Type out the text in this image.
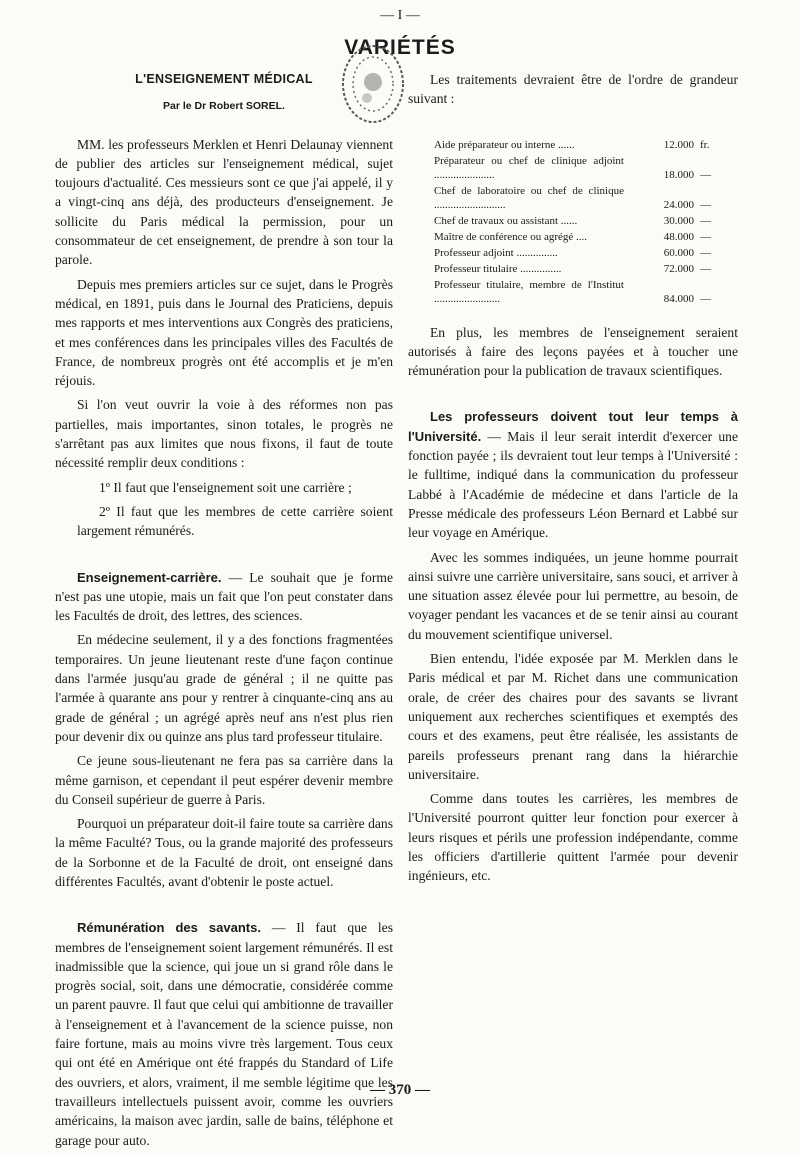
— I —
VARIÉTÉS
L'ENSEIGNEMENT MÉDICAL
Par le Dr Robert SOREL.

MM. les professeurs Merklen et Henri Delaunay viennent de publier des articles sur l'enseignement médical, sujet toujours d'actualité. Ces messieurs sont ce que j'ai appelé, il y a vingt-cinq ans déjà, des producteurs d'enseignement. Je sollicite du Paris médical la permission, pour un consommateur de cet enseignement, de prendre à son tour la parole.

Depuis mes premiers articles sur ce sujet, dans le Progrès médical, en 1891, puis dans le Journal des Praticiens, depuis mes rapports et mes interventions aux Congrès des praticiens, et mes conférences dans les principales villes des Facultés de France, de nombreux progrès ont été accomplis et je m'en réjouis.

Si l'on veut ouvrir la voie à des réformes non pas partielles, mais importantes, sinon totales, le progrès ne s'arrêtant pas aux limites que nous fixons, il faut de toute nécessité remplir deux conditions :

1º Il faut que l'enseignement soit une carrière ;

2º Il faut que les membres de cette carrière soient largement rémunérés.

Enseignement-carrière. — Le souhait que je forme n'est pas une utopie, mais un fait que l'on peut constater dans les Facultés de droit, des lettres, des sciences.

En médecine seulement, il y a des fonctions fragmentées temporaires. Un jeune lieutenant reste d'une façon continue dans l'armée jusqu'au grade de général ; il ne quitte pas l'armée à quarante ans pour y rentrer à cinquante-cinq ans au grade de général ; un agrégé après neuf ans n'est plus rien pour devenir dix ou quinze ans plus tard professeur titulaire.

Ce jeune sous-lieutenant ne fera pas sa carrière dans la même garnison, et cependant il peut espérer devenir membre du Conseil supérieur de guerre à Paris.

Pourquoi un préparateur doit-il faire toute sa carrière dans la même Faculté? Tous, ou la grande majorité des professeurs de la Sorbonne et de la Faculté de droit, ont enseigné dans différentes Facultés, avant d'obtenir le poste actuel.

Rémunération des savants. — Il faut que les membres de l'enseignement soient largement rémunérés. Il est inadmissible que la science, qui joue un si grand rôle dans le progrès social, soit, dans une démocratie, considérée comme un parent pauvre. Il faut que celui qui ambitionne de travailler à l'enseignement et à l'avancement de la science puisse, non faire fortune, mais au moins vivre très largement. Tous ceux qui ont été en Amérique ont été frappés du Standard of Life des ouvriers, et alors, vraiment, il me semble légitime que les travailleurs intellectuels puissent avoir, comme les ouvriers américains, la maison avec jardin, salle de bains, téléphone et garage pour auto.

Les traitements devraient être de l'ordre de grandeur suivant :

Aide préparateur ou interne ......	12.000	fr.
Préparateur ou chef de clinique adjoint ......................	18.000	—
Chef de laboratoire ou chef de clinique ..........................	24.000	—
Chef de travaux ou assistant ......	30.000	—
Maître de conférence ou agrégé ....	48.000	—
Professeur adjoint ...............	60.000	—
Professeur titulaire ...............	72.000	—
Professeur titulaire, membre de l'Institut ........................	84.000	—

En plus, les membres de l'enseignement seraient autorisés à faire des leçons payées et à toucher une rémunération pour la publication de travaux scientifiques.

Les professeurs doivent tout leur temps à l'Université. — Mais il leur serait interdit d'exercer une fonction payée ; ils devraient tout leur temps à l'Université : le fulltime, indiqué dans la communication du professeur Labbé à l'Académie de médecine et dans l'article de la Presse médicale des professeurs Léon Bernard et Labbé sur leur voyage en Amérique.

Avec les sommes indiquées, un jeune homme pourrait ainsi suivre une carrière universitaire, sans souci, et arriver à une situation assez élevée pour lui permettre, au besoin, de voyager pendant les vacances et de se tenir ainsi au courant du mouvement scientifique universel.

Bien entendu, l'idée exposée par M. Merklen dans le Paris médical et par M. Richet dans une communication orale, de créer des chaires pour des savants se livrant uniquement aux recherches scientifiques et exemptés des cours et des examens, peut être réalisée, les assistants de pareils professeurs prenant rang dans la hiérarchie universitaire.

Comme dans toutes les carrières, les membres de l'Université pourront quitter leur fonction pour exercer à leurs risques et périls une profession indépendante, comme les officiers d'artillerie quittent l'armée pour devenir ingénieurs, etc.

— 370 —
